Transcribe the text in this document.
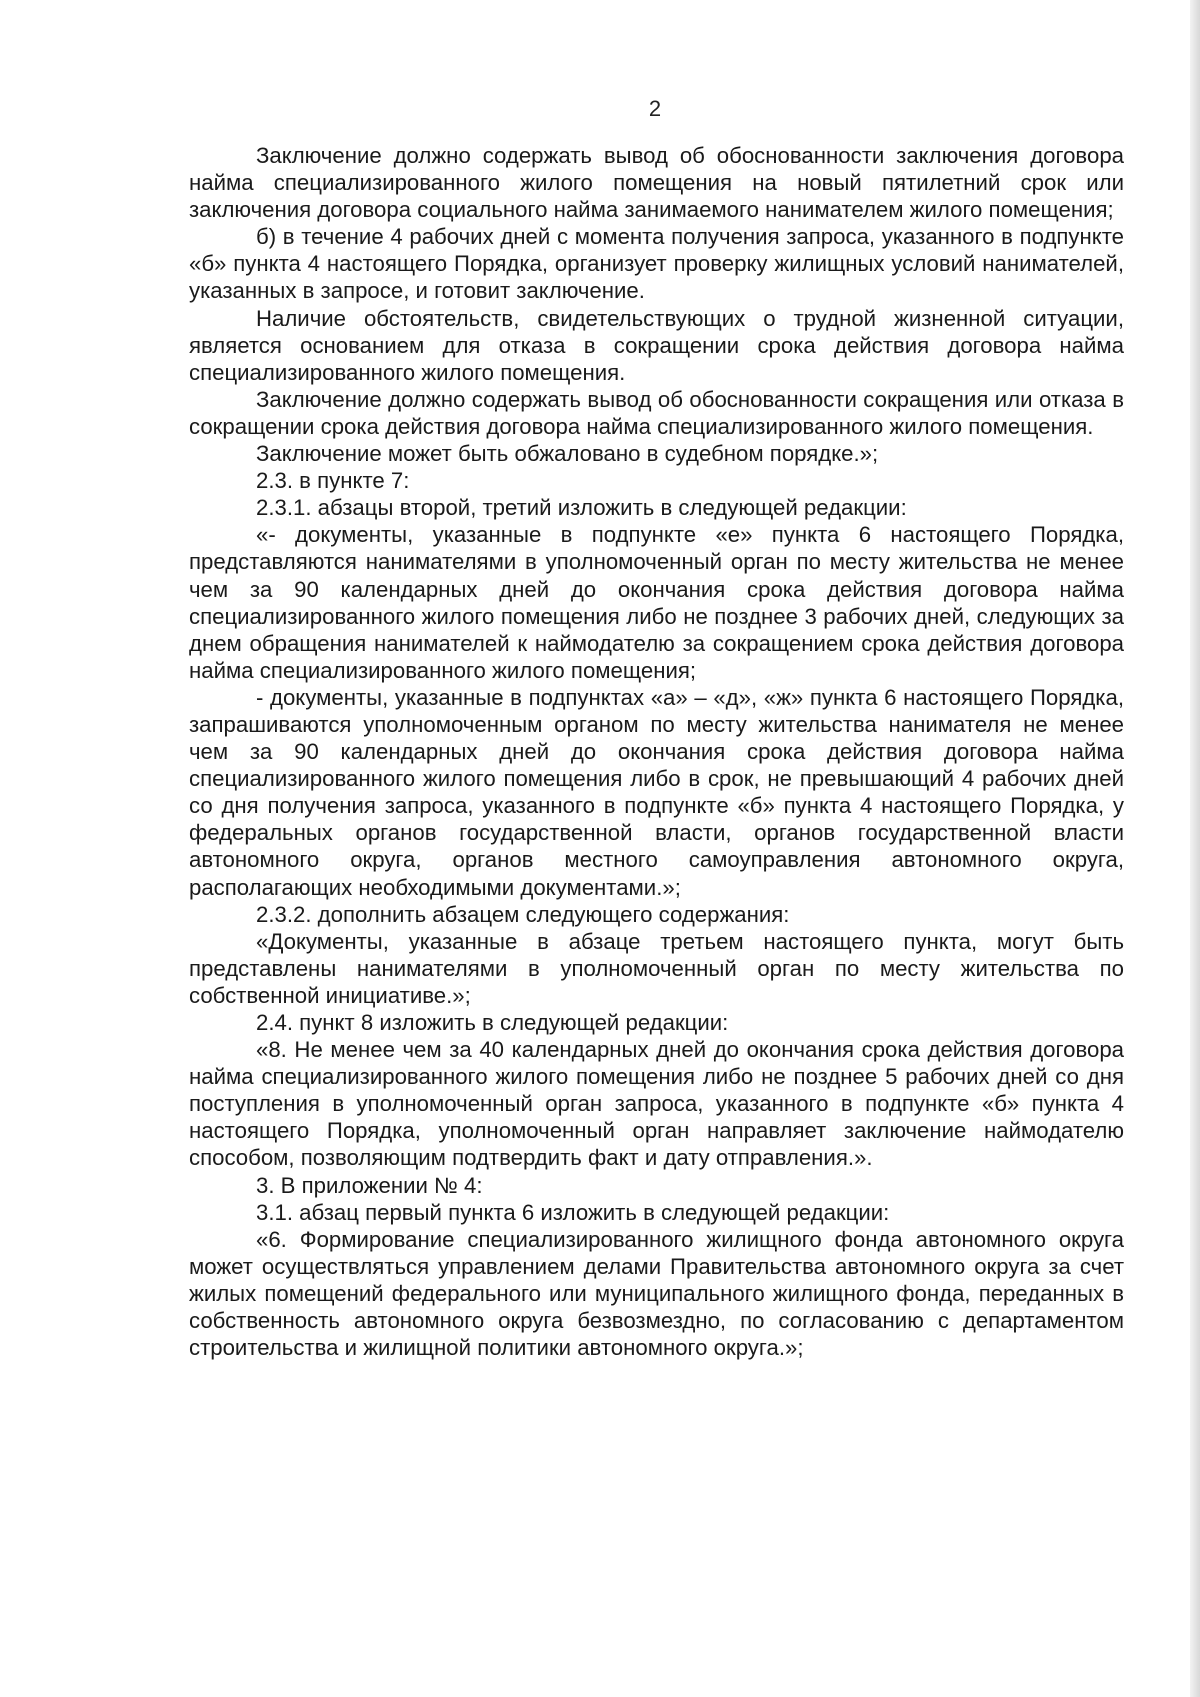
2

Заключение должно содержать вывод об обоснованности заключения договора найма специализированного жилого помещения на новый пятилетний срок или заключения договора социального найма занимаемого нанимателем жилого помещения;

б) в течение 4 рабочих дней с момента получения запроса, указанного в подпункте «б» пункта 4 настоящего Порядка, организует проверку жилищных условий нанимателей, указанных в запросе, и готовит заключение.

Наличие обстоятельств, свидетельствующих о трудной жизненной ситуации, является основанием для отказа в сокращении срока действия договора найма специализированного жилого помещения.

Заключение должно содержать вывод об обоснованности сокращения или отказа в сокращении срока действия договора найма специализированного жилого помещения.

Заключение может быть обжаловано в судебном порядке.»;

2.3. в пункте 7:

2.3.1. абзацы второй, третий изложить в следующей редакции:

«- документы, указанные в подпункте «е» пункта 6 настоящего Порядка, представляются нанимателями в уполномоченный орган по месту жительства не менее чем за 90 календарных дней до окончания срока действия договора найма специализированного жилого помещения либо не позднее 3 рабочих дней, следующих за днем обращения нанимателей к наймодателю за сокращением срока действия договора найма специализированного жилого помещения;

- документы, указанные в подпунктах «а» – «д», «ж» пункта 6 настоящего Порядка, запрашиваются уполномоченным органом по месту жительства нанимателя не менее чем за 90 календарных дней до окончания срока действия договора найма специализированного жилого помещения либо в срок, не превышающий 4 рабочих дней со дня получения запроса, указанного в подпункте «б» пункта 4 настоящего Порядка, у федеральных органов государственной власти, органов государственной власти автономного округа, органов местного самоуправления автономного округа, располагающих необходимыми документами.»;

2.3.2. дополнить абзацем следующего содержания:

«Документы, указанные в абзаце третьем настоящего пункта, могут быть представлены нанимателями в уполномоченный орган по месту жительства по собственной инициативе.»;

2.4. пункт 8 изложить в следующей редакции:

«8. Не менее чем за 40 календарных дней до окончания срока действия договора найма специализированного жилого помещения либо не позднее 5 рабочих дней со дня поступления в уполномоченный орган запроса, указанного в подпункте «б» пункта 4 настоящего Порядка, уполномоченный орган направляет заключение наймодателю способом, позволяющим подтвердить факт и дату отправления.».

3. В приложении № 4:

3.1. абзац первый пункта 6 изложить в следующей редакции:

«6. Формирование специализированного жилищного фонда автономного округа может осуществляться управлением делами Правительства автономного округа за счет жилых помещений федерального или муниципального жилищного фонда, переданных в собственность автономного округа безвозмездно, по согласованию с департаментом строительства и жилищной политики автономного округа.»;
